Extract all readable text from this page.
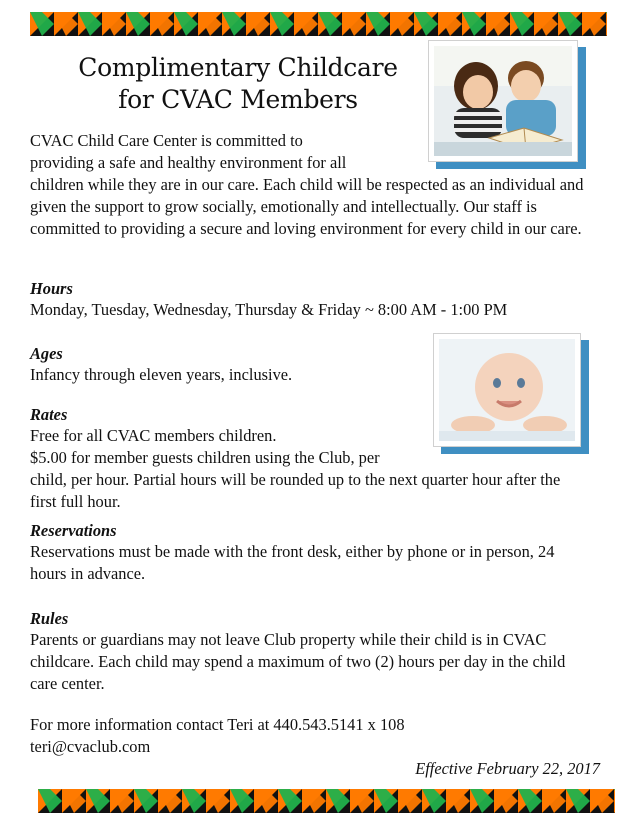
Complimentary Childcare
for CVAC Members
CVAC Child Care Center is committed to
providing a safe and healthy environment for all
children while they are in our care. Each child will be respected as an individual and given the support to grow socially, emotionally and intellectually. Our staff is committed to providing a secure and loving environment for every child in our care.
Hours
Monday, Tuesday, Wednesday, Thursday & Friday ~ 8:00 AM - 1:00 PM
Ages
Infancy through eleven years, inclusive.
Rates
Free for all CVAC members children.
$5.00 for member guests children using the Club, per
child, per hour. Partial hours will be rounded up to the next quarter hour after the first full hour.
Reservations
Reservations must be made with the front desk, either by phone or in person, 24 hours in advance.
Rules
Parents or guardians may not leave Club property while their child is in CVAC childcare. Each child may spend a maximum of two (2) hours per day in the child care center.
For more information contact Teri at 440.543.5141 x 108
teri@cvaclub.com
Effective February 22, 2017
